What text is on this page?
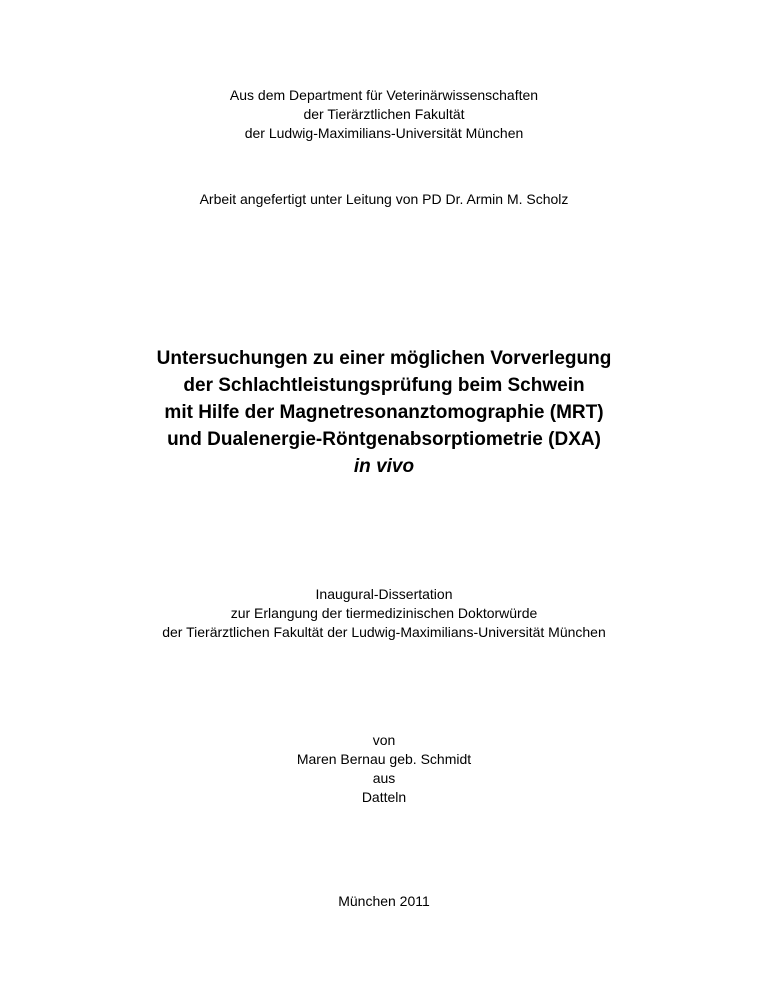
Aus dem Department für Veterinärwissenschaften
der Tierärztlichen Fakultät
der Ludwig-Maximilians-Universität München
Arbeit angefertigt unter Leitung von PD Dr. Armin M. Scholz
Untersuchungen zu einer möglichen Vorverlegung
der Schlachtleistungsprüfung beim Schwein
mit Hilfe der Magnetresonanztomographie (MRT)
und Dualenergie-Röntgenabsorptiometrie (DXA)
in vivo
Inaugural-Dissertation
zur Erlangung der tiermedizinischen Doktorwürde
der Tierärztlichen Fakultät der Ludwig-Maximilians-Universität München
von
Maren Bernau geb. Schmidt
aus
Datteln
München 2011
